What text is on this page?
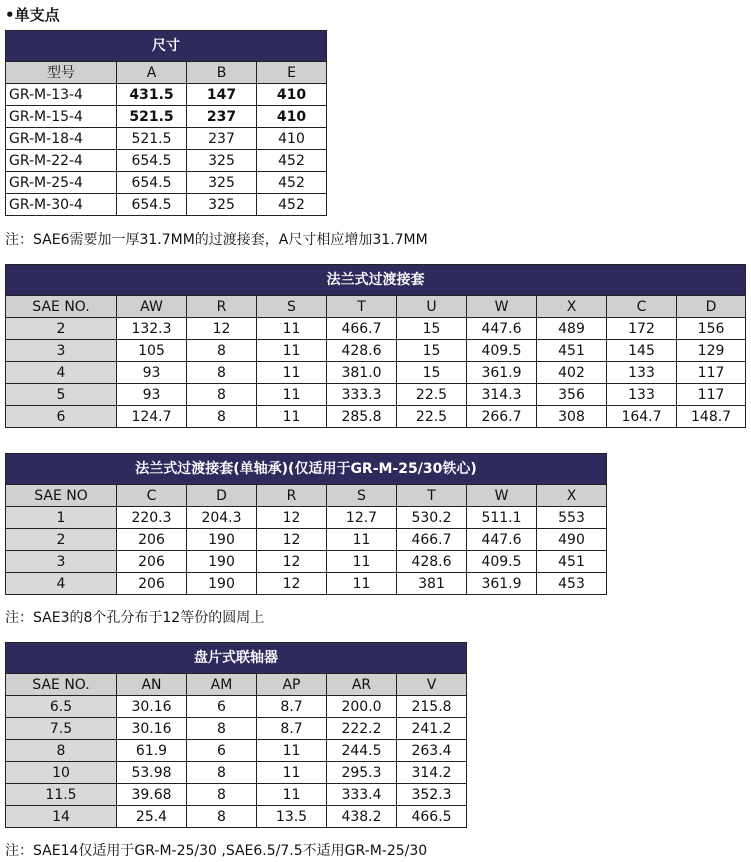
•单支点
尺寸			
型号	A	B	E
GR-M-13-4	431.5	147	410
GR-M-15-4	521.5	237	410
GR-M-18-4	521.5	237	410
GR-M-22-4	654.5	325	452
GR-M-25-4	654.5	325	452
GR-M-30-4	654.5	325	452
注：SAE6需要加一厚31.7MM的过渡接套，A尺寸相应增加31.7MM
法兰式过渡接套									
SAE NO.	AW	R	S	T	U	W	X	C	D
2	132.3	12	11	466.7	15	447.6	489	172	156
3	105	8	11	428.6	15	409.5	451	145	129
4	93	8	11	381.0	15	361.9	402	133	117
5	93	8	11	333.3	22.5	314.3	356	133	117
6	124.7	8	11	285.8	22.5	266.7	308	164.7	148.7
法兰式过渡接套(单轴承)(仅适用于GR-M-25/30铁心)							
SAE NO	C	D	R	S	T	W	X
1	220.3	204.3	12	12.7	530.2	511.1	553
2	206	190	12	11	466.7	447.6	490
3	206	190	12	11	428.6	409.5	451
4	206	190	12	11	381	361.9	453
注：SAE3的8个孔分布于12等份的圆周上
盘片式联轴器					
SAE NO.	AN	AM	AP	AR	V
6.5	30.16	6	8.7	200.0	215.8
7.5	30.16	8	8.7	222.2	241.2
8	61.9	6	11	244.5	263.4
10	53.98	8	11	295.3	314.2
11.5	39.68	8	11	333.4	352.3
14	25.4	8	13.5	438.2	466.5
注：SAE14仅适用于GR-M-25/30 ,SAE6.5/7.5不适用GR-M-25/30
